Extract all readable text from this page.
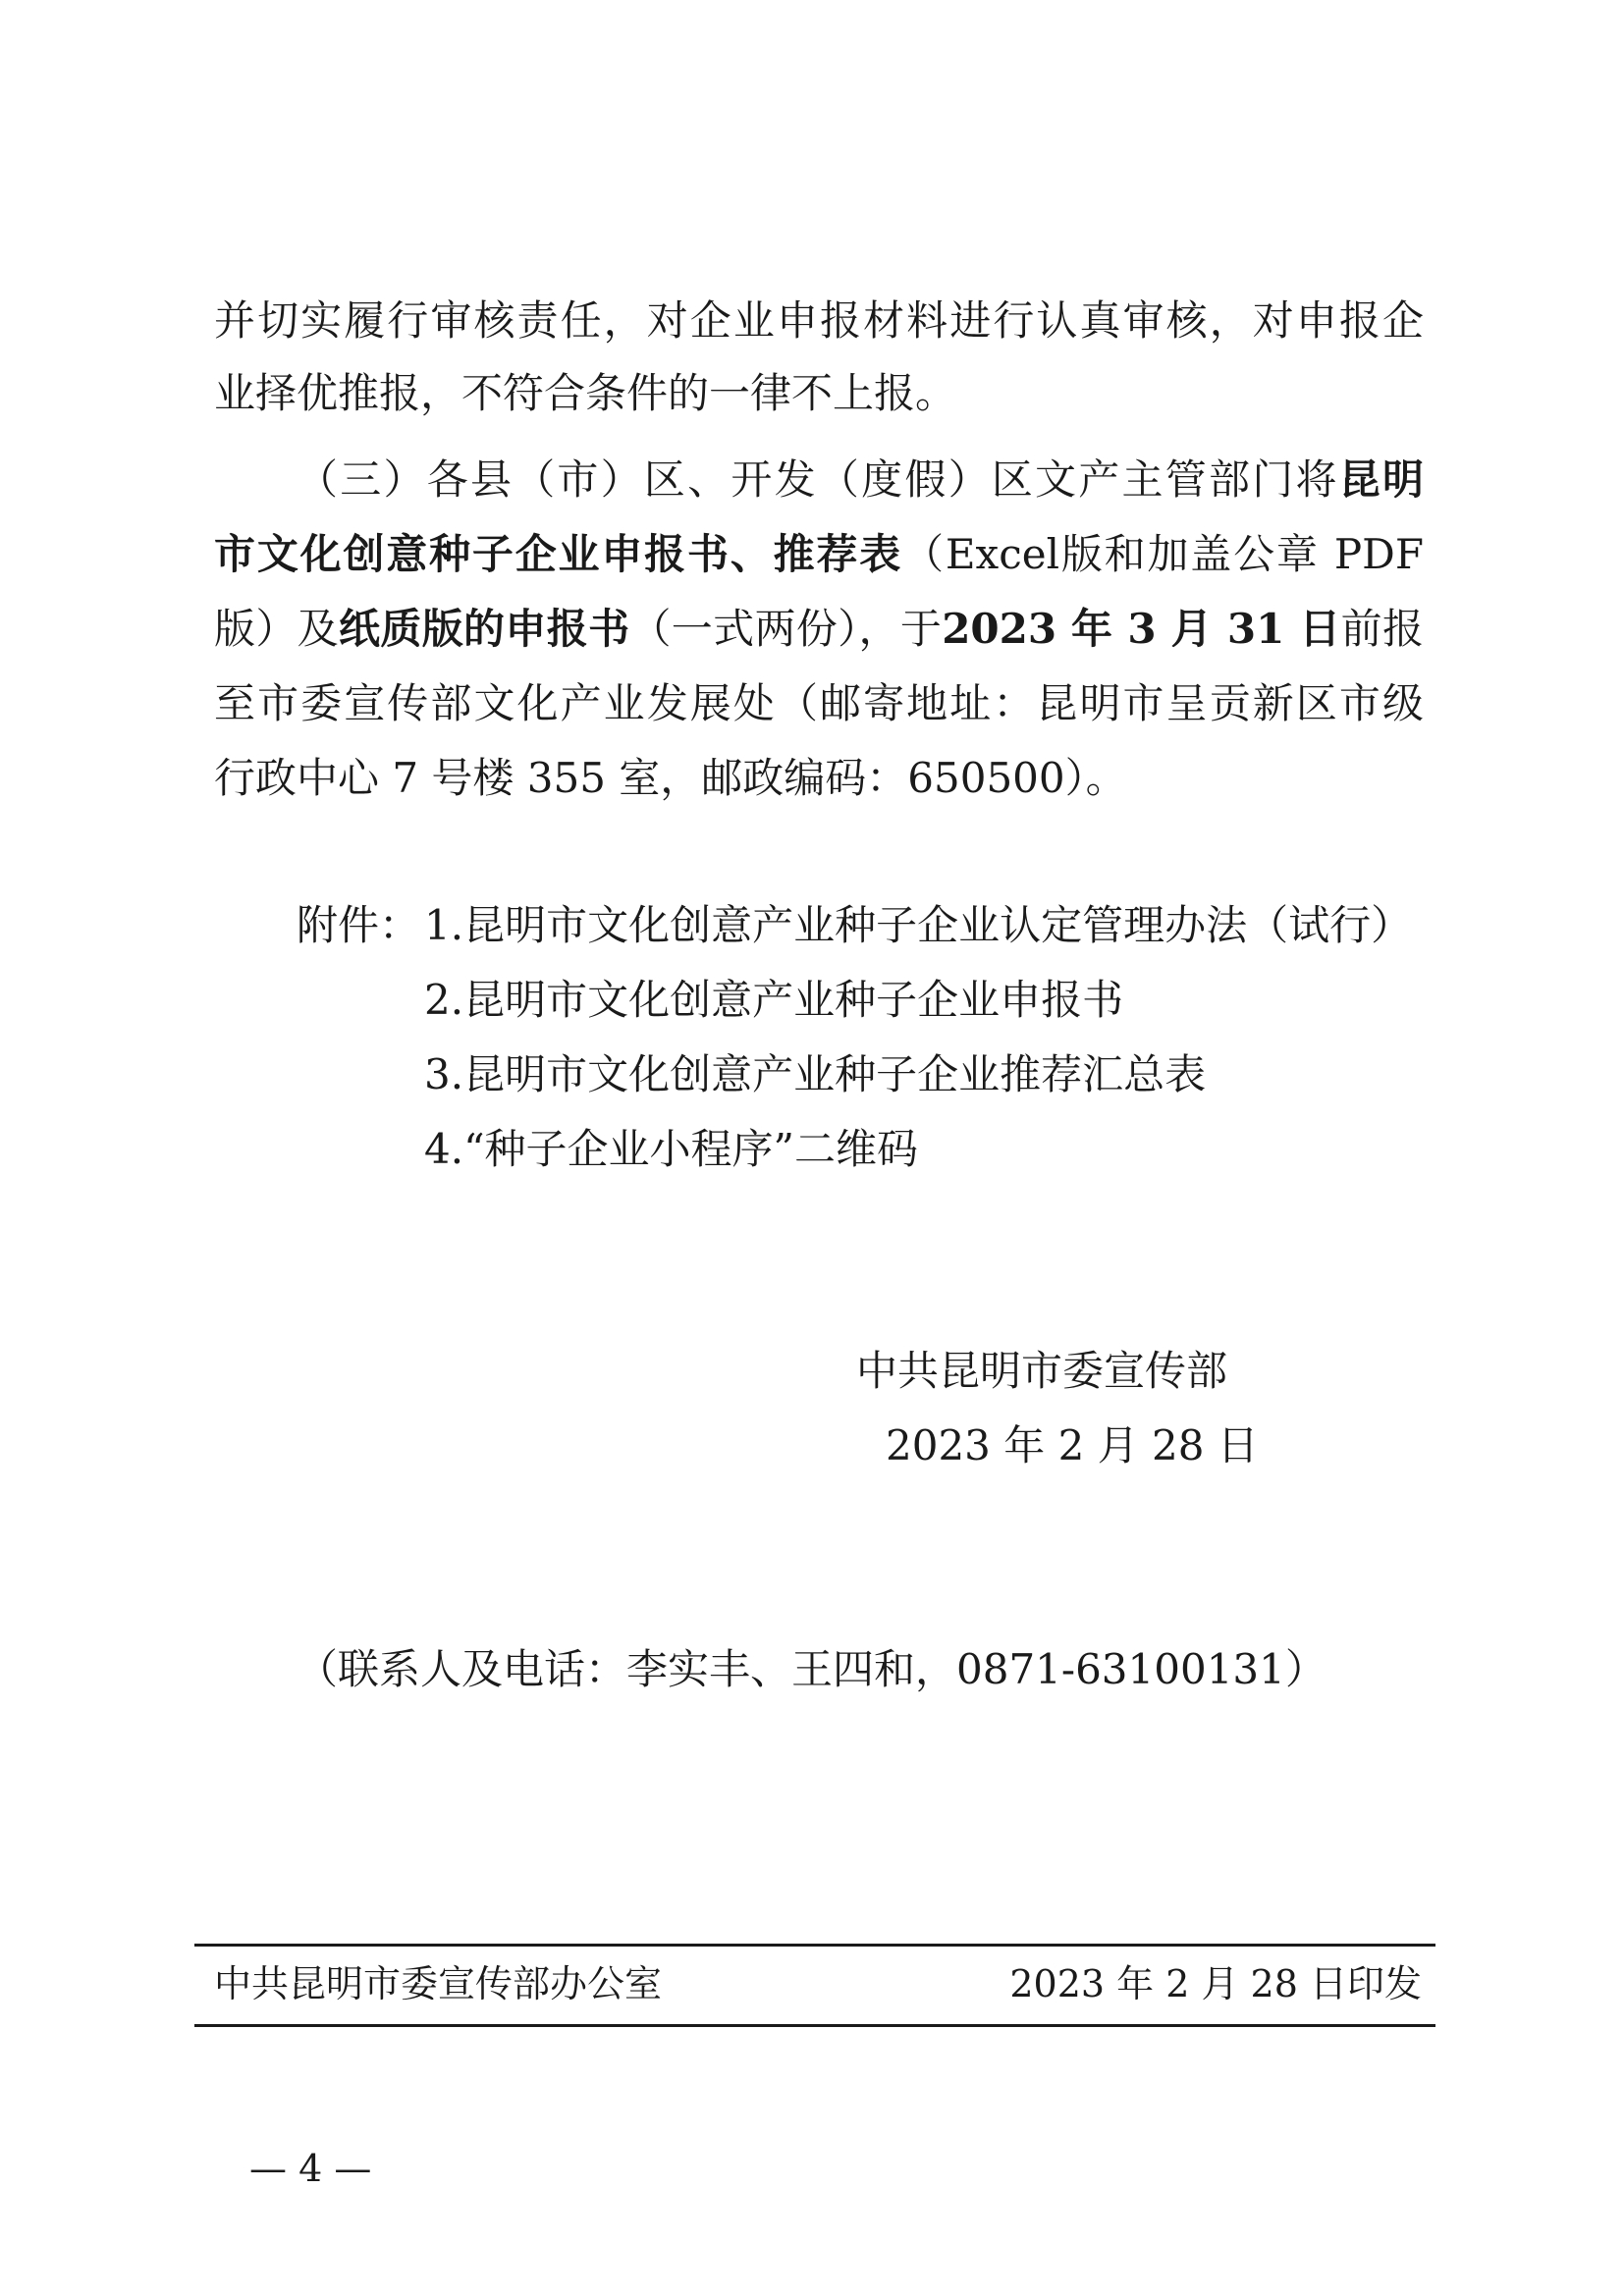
并切实履行审核责任，对企业申报材料进行认真审核，对申报企
业择优推报，不符合条件的一律不上报。
（三）各县（市）区、开发（度假）区文产主管部门将昆明
市文化创意种子企业申报书、推荐表（Excel版和加盖公章 PDF
版）及纸质版的申报书（一式两份），于2023 年 3 月 31 日前报
至市委宣传部文化产业发展处（邮寄地址：昆明市呈贡新区市级
行政中心 7 号楼 355 室，邮政编码：650500）。
附件： 1.昆明市文化创意产业种子企业认定管理办法（试行）
2.昆明市文化创意产业种子企业申报书
3.昆明市文化创意产业种子企业推荐汇总表
4.“种子企业小程序”二维码
中共昆明市委宣传部
2023 年 2 月 28 日
（联系人及电话：李实丰、王四和，0871-63100131）
中共昆明市委宣传部办公室	2023 年 2 月 28 日印发
— 4 —
